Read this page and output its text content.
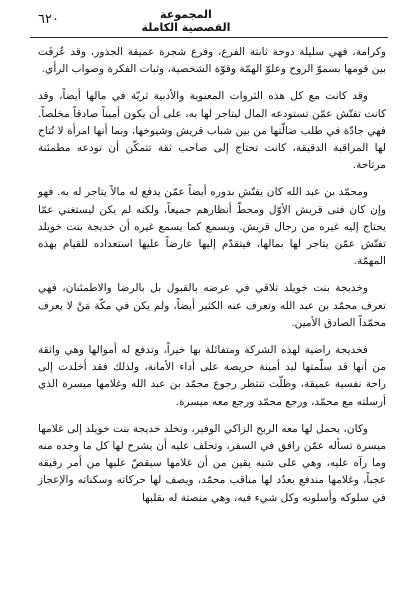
المجموعة
القصصية الكاملة
٦٢٠

وكرامة، فهي سليلة دوحة ثابتة الفرع، وفرع شجرة عميقة الجذور، وقد عُرفَت بين قومها بسموّ الروح وعلوّ الهمّة وقوّة الشخصية، وثبات الفكرة وصواب الرأي.

وقد كانت مع كل هذه الثروات المعنوية والأدبية ثريّة في مالها أيضاً، وقد كانت تفتّش عمّن تستودعه المال ليتاجر لها به، على أن يكون أميناً صادقاً مخلصاً. فهي جادّة في طلب ضالّتها من بين شباب قريش وشيوخها، وبما أنها امرأة لا تُتاح لها المراقبة الدقيقة، كانت تحتاج إلى صاحب ثقة تتمكّن أن تودعه مطمئنة مرتاحة.

ومحمّد بن عبد الله كان يفتّش بدوره أيضاً عمّن يدفع له مالاً يتاجر له به. فهو وإن كان فتى قريش الأوّل ومحطّ أنظارهم جميعاً، ولكنه لم يكن ليستغني عمّا يحتاج إليه غيره من رجال قريش. ويسمع كما يسمع غيره أن خديجة بنت خويلد تفتّش عمّن يتاجر لها بمالها، فيتقدّم إليها عارضاً عليها استعداده للقيام بهذه المهمّة.

وخديجة بنت خويلد تلاقي في عرضه بالقبول بل بالرضا والاطمئنان، فهي تعرف محمّد بن عبد الله وتعرف عنه الكثير أيضاً، ولم يكن في مكّة مَنْ لا يعرف محمّداً الصادق الأمين.

فخديجة راضية لهذه الشركة ومتفائلة بها خيراً، وتدفع له أموالها وهي واثقة من أنها قد سلّمتها ليد أمينة حريصة على أداء الأمانة، ولذلك فقد أخلدت إلى راحة نفسية عميقة، وظلّت تنتظر رجوع محمّد بن عبد الله وغلامها ميسرة الذي أرسلته مع محمّد، ورجع محمّد ورجع معه ميسرة.

وكان، يحمل لها معه الربح الزاكي الوفير، وتخلد خديجة بنت خويلد إلى غلامها ميسرة تسأله عمّن رافق في السفر، وتحلف عليه أن يشرح لها كل ما وجده منه وما رآه عليه، وهي على شبه يقين من أن غلامها سيقصّ عليها من أمر رفيقه عجباً، وغلامها مندفع بعدُد لها مناقب محمّد، ويصف لها حركاته وسكناته والإعجاز في سلوكه وأسلوبه وكل شيء فيه، وهي منصتة له بقلبها
